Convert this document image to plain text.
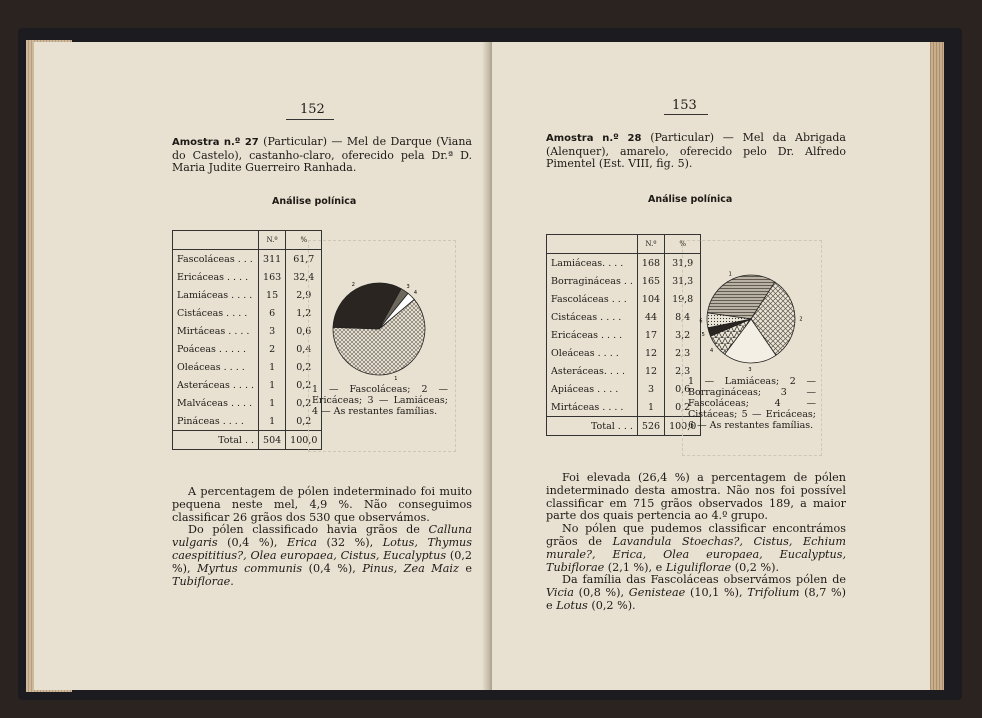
152
Amostra n.º 27 (Particular) — Mel de Darque (Viana do Castelo), castanho-claro, oferecido pela Dr.ª D. Maria Judite Guerreiro Ranhada.
Análise polínica
	N.º	%
Fascoláceas . . .	311	61,7
Ericáceas . . . .	163	32,4
Lamiáceas . . . .	15	2,9
Cistáceas . . . .	6	1,2
Mirtáceas . . . .	3	0,6
Poáceas . . . . .	2	0,4
Oleáceas . . . .	1	0,2
Asteráceas . . . .	1	0,2
Malváceas . . . .	1	0,2
Pináceas . . . .	1	0,2
Total . .	504	100,0
1
2	3
4
1 — Fascoláceas; 2 — Ericáceas; 3 — Lamiáceas; 4 — As restantes famílias.

A percentagem de pólen indeterminado foi muito pequena neste mel, 4,9 %. Não conseguimos classificar 26 grãos dos 530 que observámos.

Do pólen classificado havia grãos de Calluna vulgaris (0,4 %), Erica (32 %), Lotus, Thymus caespititius?, Olea europaea, Cistus, Eucalyptus (0,2 %), Myrtus communis (0,4 %), Pinus, Zea Maiz e Tubiflorae.

153
Amostra n.º 28 (Particular) — Mel da Abrigada (Alenquer), amarelo, oferecido pelo Dr. Alfredo Pimentel (Est. VIII, fig. 5).
Análise polínica
	N.º	%
Lamiáceas. . . .	168	31,9
Borragináceas . .	165	31,3
Fascoláceas . . .	104	19,8
Cistáceas . . . .	44	8,4
Ericáceas . . . .	17	3,2
Oleáceas . . . .	12	2,3
Asteráceas. . . .	12	2,3
Apiáceas . . . .	3	0,6
Mirtáceas . . . .	1	0,2
Total . . .	526	100,0
1
2
3
4
5
6
1 — Lamiáceas; 2 — Borragináceas; 3 — Fascoláceas; 4 — Cistáceas; 5 — Ericáceas; 6 — As restantes famílias.

Foi elevada (26,4 %) a percentagem de pólen indeterminado desta amostra. Não nos foi possível classificar em 715 grãos observados 189, a maior parte dos quais pertencia ao 4.º grupo.

No pólen que pudemos classificar encontrámos grãos de Lavandula Stoechas?, Cistus, Echium murale?, Erica, Olea europaea, Eucalyptus, Tubiflorae (2,1 %), e Liguliflorae (0,2 %).

Da família das Fascoláceas observámos pólen de Vicia (0,8 %), Genisteae (10,1 %), Trifolium (8,7 %) e Lotus (0,2 %).
